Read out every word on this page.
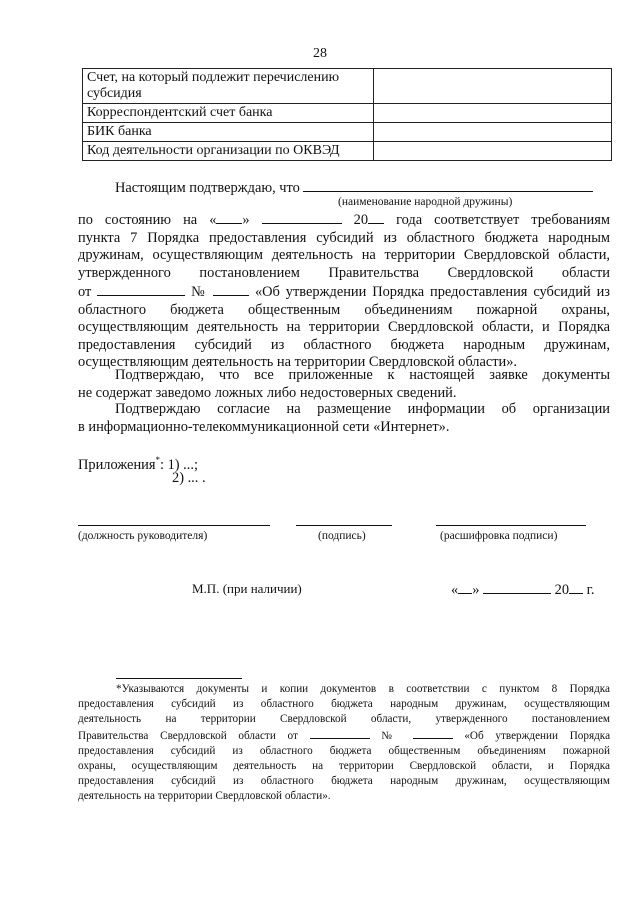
28
Счет, на который подлежит перечислению субсидия	
Корреспондентский счет банка	
БИК банка	
Код деятельности организации по ОКВЭД	
Настоящим подтверждаю, что
(наименование народной дружины)
по состоянию на « »	20 года соответствует требованиям
пункта 7 Порядка предоставления субсидий из областного бюджета народным
дружинам, осуществляющим деятельность на территории Свердловской области,
утвержденного постановлением Правительства Свердловской области
от	№	«Об утверждении Порядка предоставления субсидий из
областного бюджета общественным объединениям пожарной охраны,
осуществляющим деятельность на территории Свердловской области, и Порядка
предоставления субсидий из областного бюджета народным дружинам,
осуществляющим деятельность на территории Свердловской области».
Подтверждаю, что все приложенные к настоящей заявке документы
не содержат заведомо ложных либо недостоверных сведений.
Подтверждаю согласие на размещение информации об организации
в информационно-телекоммуникационной сети «Интернет».
Приложения*: 1) ...;
2) ... .
(должность руководителя)	(подпись)	(расшифровка подписи)
М.П. (при наличии)	« »	20 г.
*Указываются документы и копии документов в соответствии с пунктом 8 Порядка
предоставления субсидий из областного бюджета народным дружинам, осуществляющим
деятельность на территории Свердловской области, утвержденного постановлением
Правительства Свердловской области от	№	«Об утверждении Порядка
предоставления субсидий из областного бюджета общественным объединениям пожарной
охраны, осуществляющим деятельность на территории Свердловской области, и Порядка
предоставления субсидий из областного бюджета народным дружинам, осуществляющим
деятельность на территории Свердловской области».
